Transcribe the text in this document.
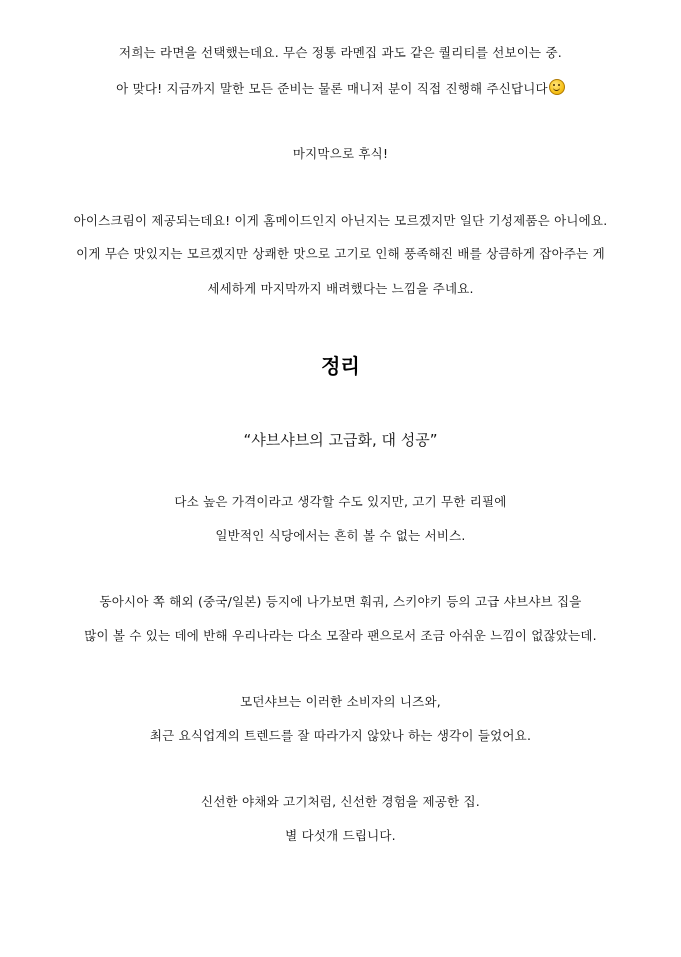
저희는 라면을 선택했는데요. 무슨 정통 라멘집 과도 같은 퀄리티를 선보이는 중.
아 맞다! 지금까지 말한 모든 준비는 물론 매니저 분이 직접 진행해 주신답니다
마지막으로 후식!
아이스크림이 제공되는데요! 이게 홈메이드인지 아닌지는 모르겠지만 일단 기성제품은 아니에요.
이게 무슨 맛있지는 모르겠지만 상쾌한 맛으로 고기로 인해 풍족해진 배를 상큼하게 잡아주는 게
세세하게 마지막까지 배려했다는 느낌을 주네요.
정리
“샤브샤브의 고급화, 대 성공”
다소 높은 가격이라고 생각할 수도 있지만, 고기 무한 리필에
일반적인 식당에서는 흔히 볼 수 없는 서비스.
동아시아 쪽 해외 (중국/일본) 등지에 나가보면 훠궈, 스키야키 등의 고급 샤브샤브 집을
많이 볼 수 있는 데에 반해 우리나라는 다소 모잘라 팬으로서 조금 아쉬운 느낌이 없잖았는데.
모던샤브는 이러한 소비자의 니즈와,
최근 요식업계의 트렌드를 잘 따라가지 않았나 하는 생각이 들었어요.
신선한 야채와 고기처럼, 신선한 경험을 제공한 집.
별 다섯개 드립니다.
